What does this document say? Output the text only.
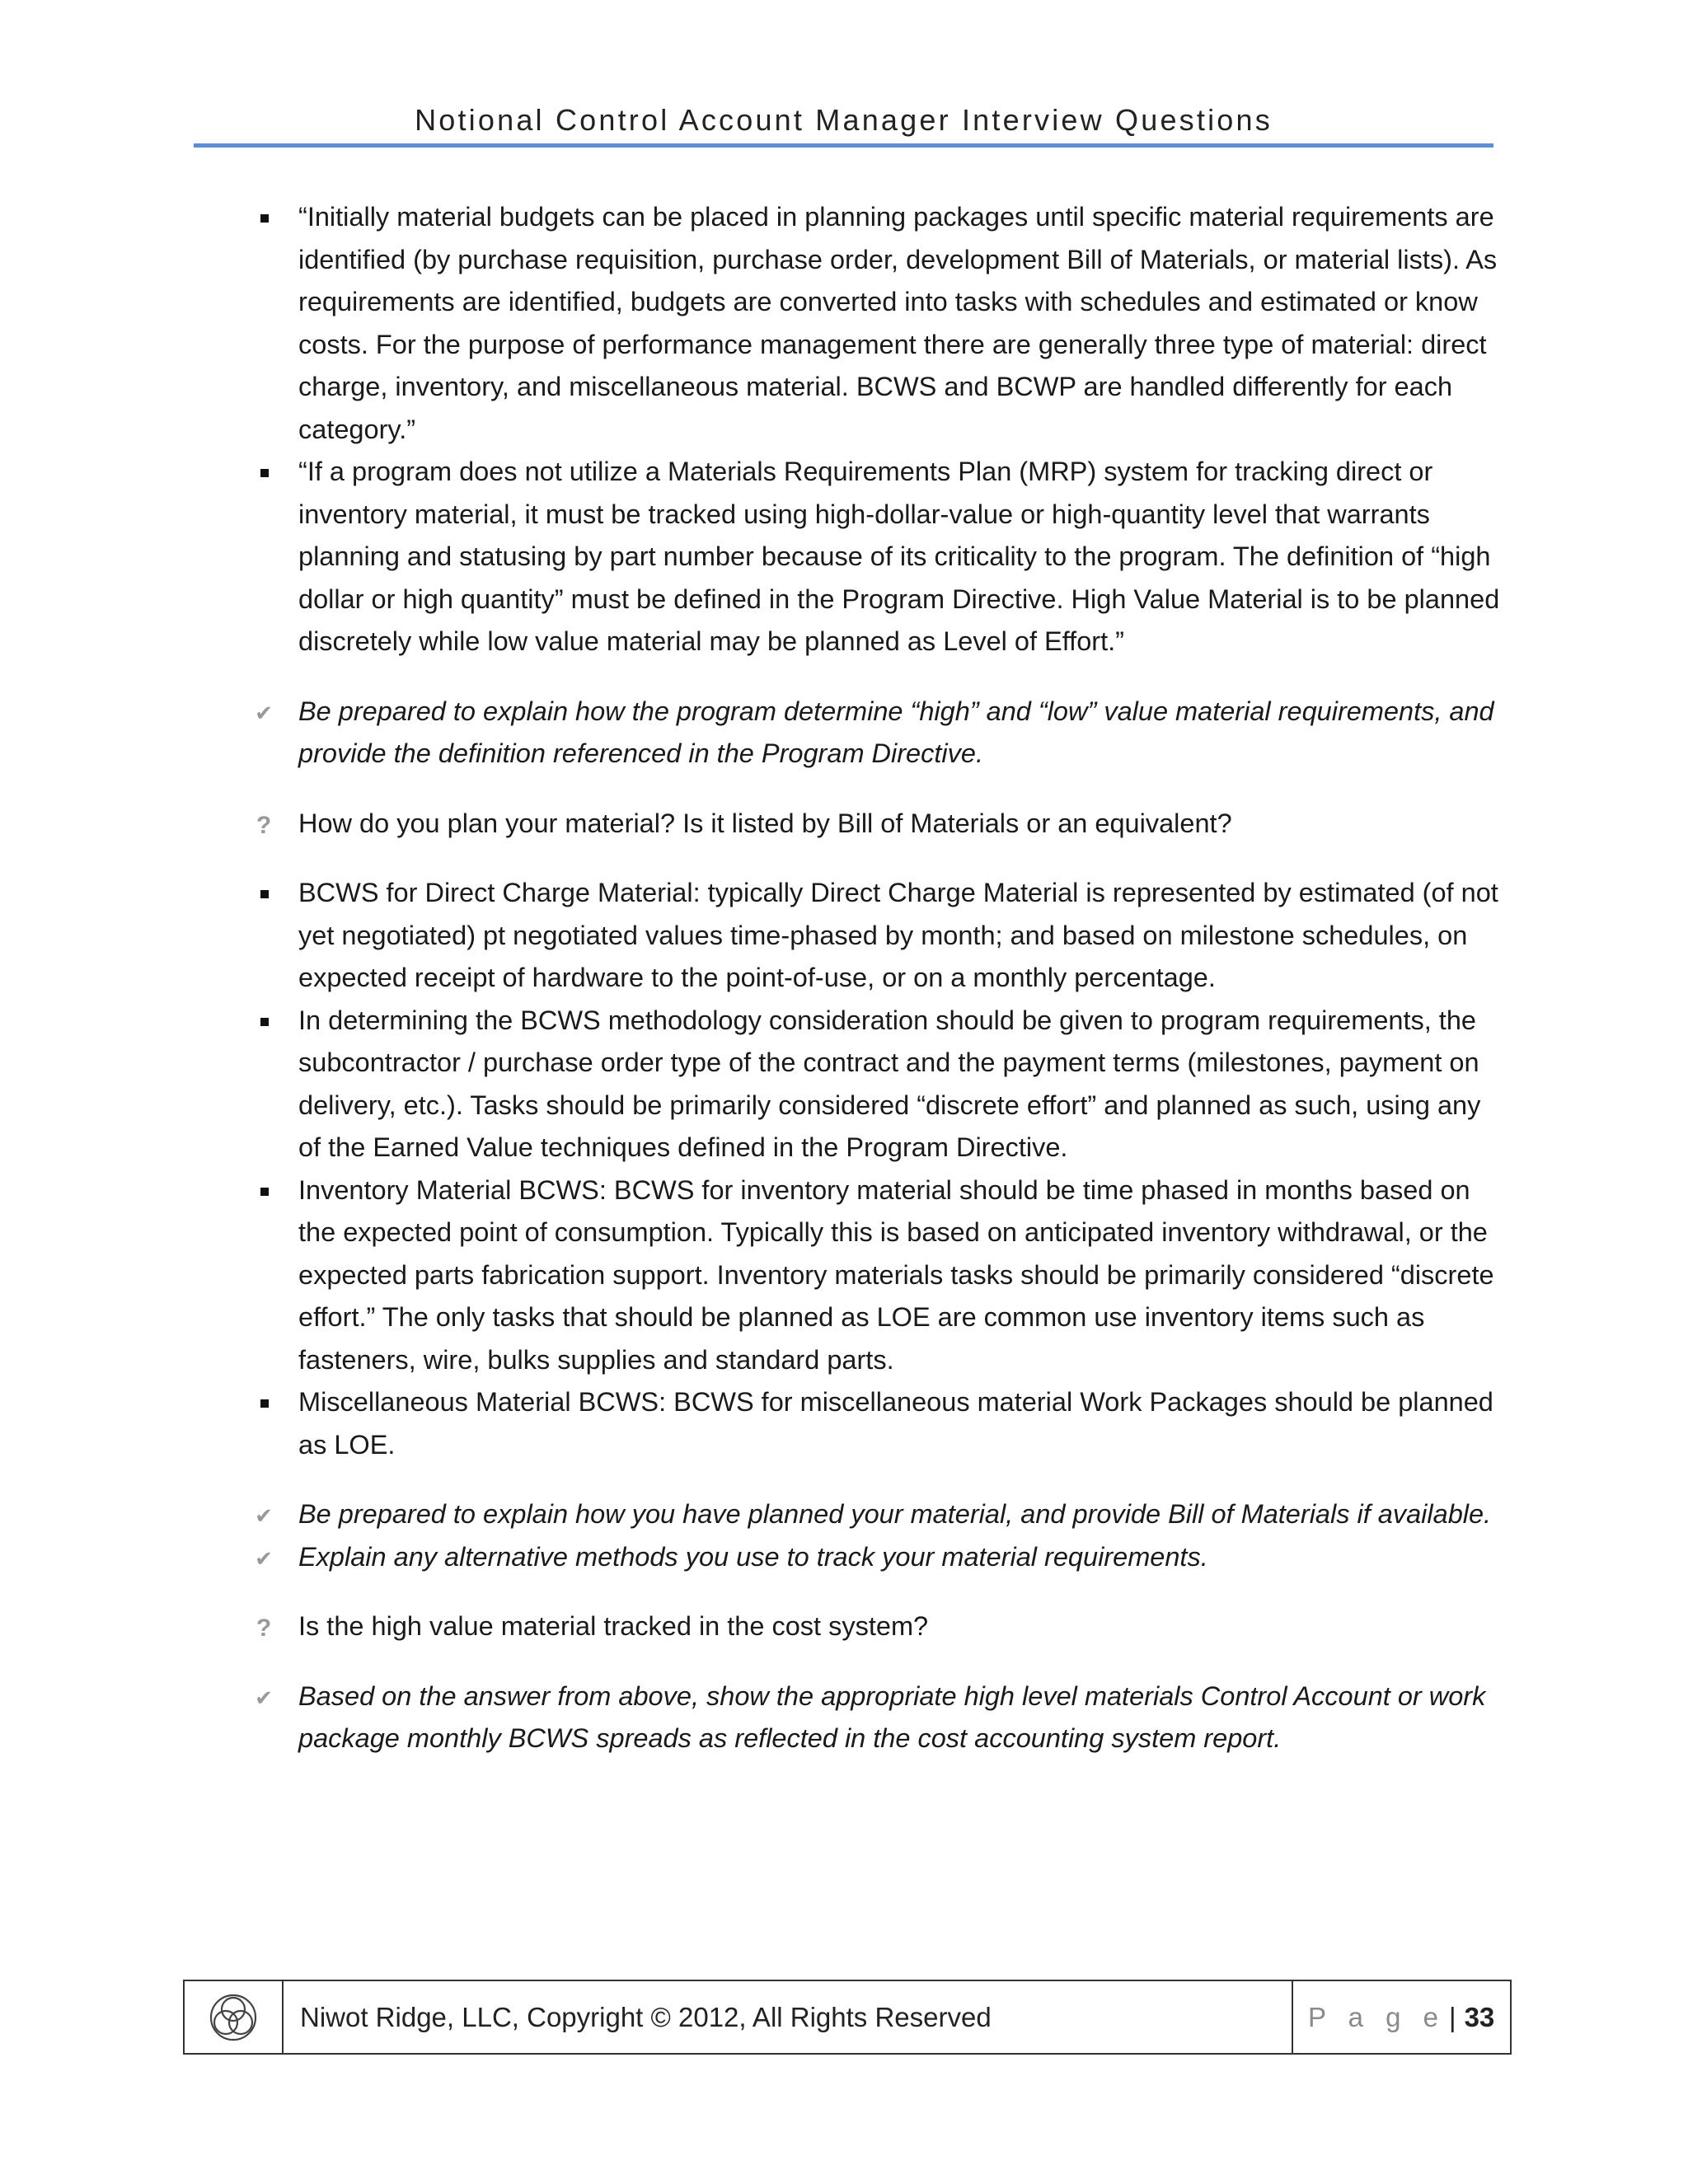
Notional Control Account Manager Interview Questions
“Initially material budgets can be placed in planning packages until specific material requirements are identified (by purchase requisition, purchase order, development Bill of Materials, or material lists). As requirements are identified, budgets are converted into tasks with schedules and estimated or know costs. For the purpose of performance management there are generally three type of material: direct charge, inventory, and miscellaneous material. BCWS and BCWP are handled differently for each category.”
“If a program does not utilize a Materials Requirements Plan (MRP) system for tracking direct or inventory material, it must be tracked using high-dollar-value or high-quantity level that warrants planning and statusing by part number because of its criticality to the program. The definition of “high dollar or high quantity” must be defined in the Program Directive. High Value Material is to be planned discretely while low value material may be planned as Level of Effort.”
✔ Be prepared to explain how the program determine “high” and “low” value material requirements, and provide the definition referenced in the Program Directive.
?	How do you plan your material? Is it listed by Bill of Materials or an equivalent?
BCWS for Direct Charge Material: typically Direct Charge Material is represented by estimated (of not yet negotiated) pt negotiated values time-phased by month; and based on milestone schedules, on expected receipt of hardware to the point-of-use, or on a monthly percentage.
In determining the BCWS methodology consideration should be given to program requirements, the subcontractor / purchase order type of the contract and the payment terms (milestones, payment on delivery, etc.). Tasks should be primarily considered “discrete effort” and planned as such, using any of the Earned Value techniques defined in the Program Directive.
Inventory Material BCWS: BCWS for inventory material should be time phased in months based on the expected point of consumption. Typically this is based on anticipated inventory withdrawal, or the expected parts fabrication support. Inventory materials tasks should be primarily considered “discrete effort.” The only tasks that should be planned as LOE are common use inventory items such as fasteners, wire, bulks supplies and standard parts.
Miscellaneous Material BCWS: BCWS for miscellaneous material Work Packages should be planned as LOE.
✔ Be prepared to explain how you have planned your material, and provide Bill of Materials if available.
✔ Explain any alternative methods you use to track your material requirements.
?	Is the high value material tracked in the cost system?
✔ Based on the answer from above, show the appropriate high level materials Control Account or work package monthly BCWS spreads as reflected in the cost accounting system report.
Niwot Ridge, LLC, Copyright © 2012, All Rights Reserved	P a g e | 33
